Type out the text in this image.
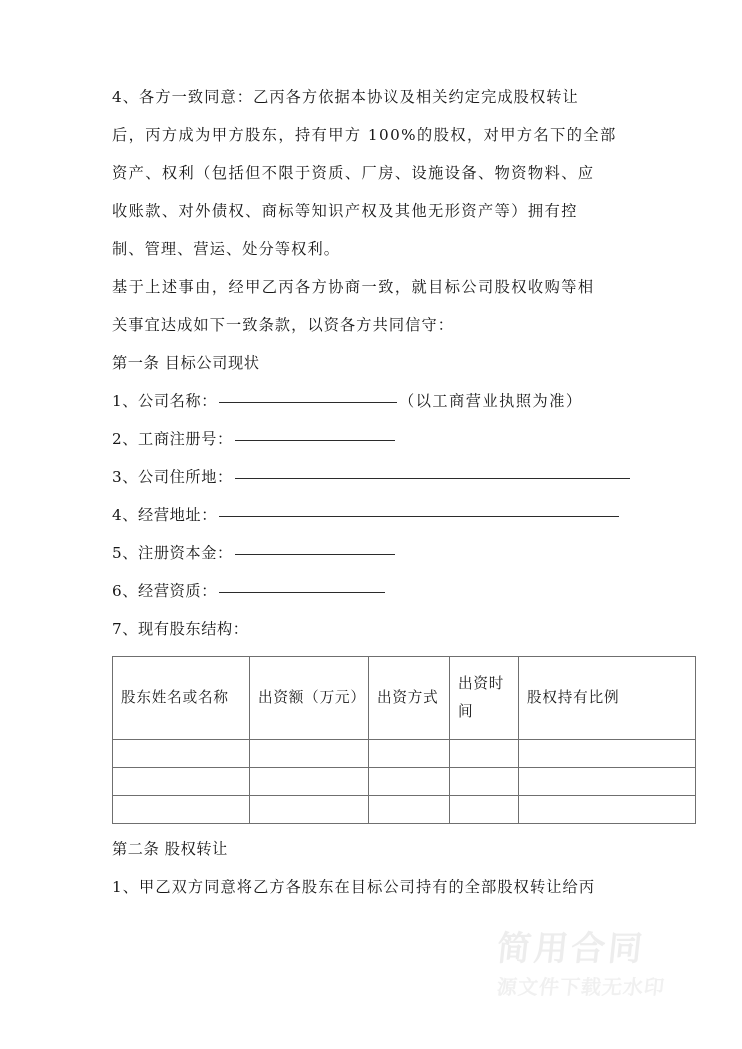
4、各方一致同意：乙丙各方依据本协议及相关约定完成股权转让
后，丙方成为甲方股东，持有甲方 100%的股权，对甲方名下的全部
资产、权利（包括但不限于资质、厂房、设施设备、物资物料、应
收账款、对外债权、商标等知识产权及其他无形资产等）拥有控
制、管理、营运、处分等权利。
基于上述事由，经甲乙丙各方协商一致，就目标公司股权收购等相
关事宜达成如下一致条款，以资各方共同信守：
第一条 目标公司现状
1、公司名称：	（以工商营业执照为准）
2、工商注册号：
3、公司住所地：
4、经营地址：
5、注册资本金：
6、经营资质：
7、现有股东结构：
股东姓名或名称	出资额（万元）	出资方式	出资时间	股权持有比例

第二条 股权转让
1、甲乙双方同意将乙方各股东在目标公司持有的全部股权转让给丙
简用合同
源文件下载无水印
